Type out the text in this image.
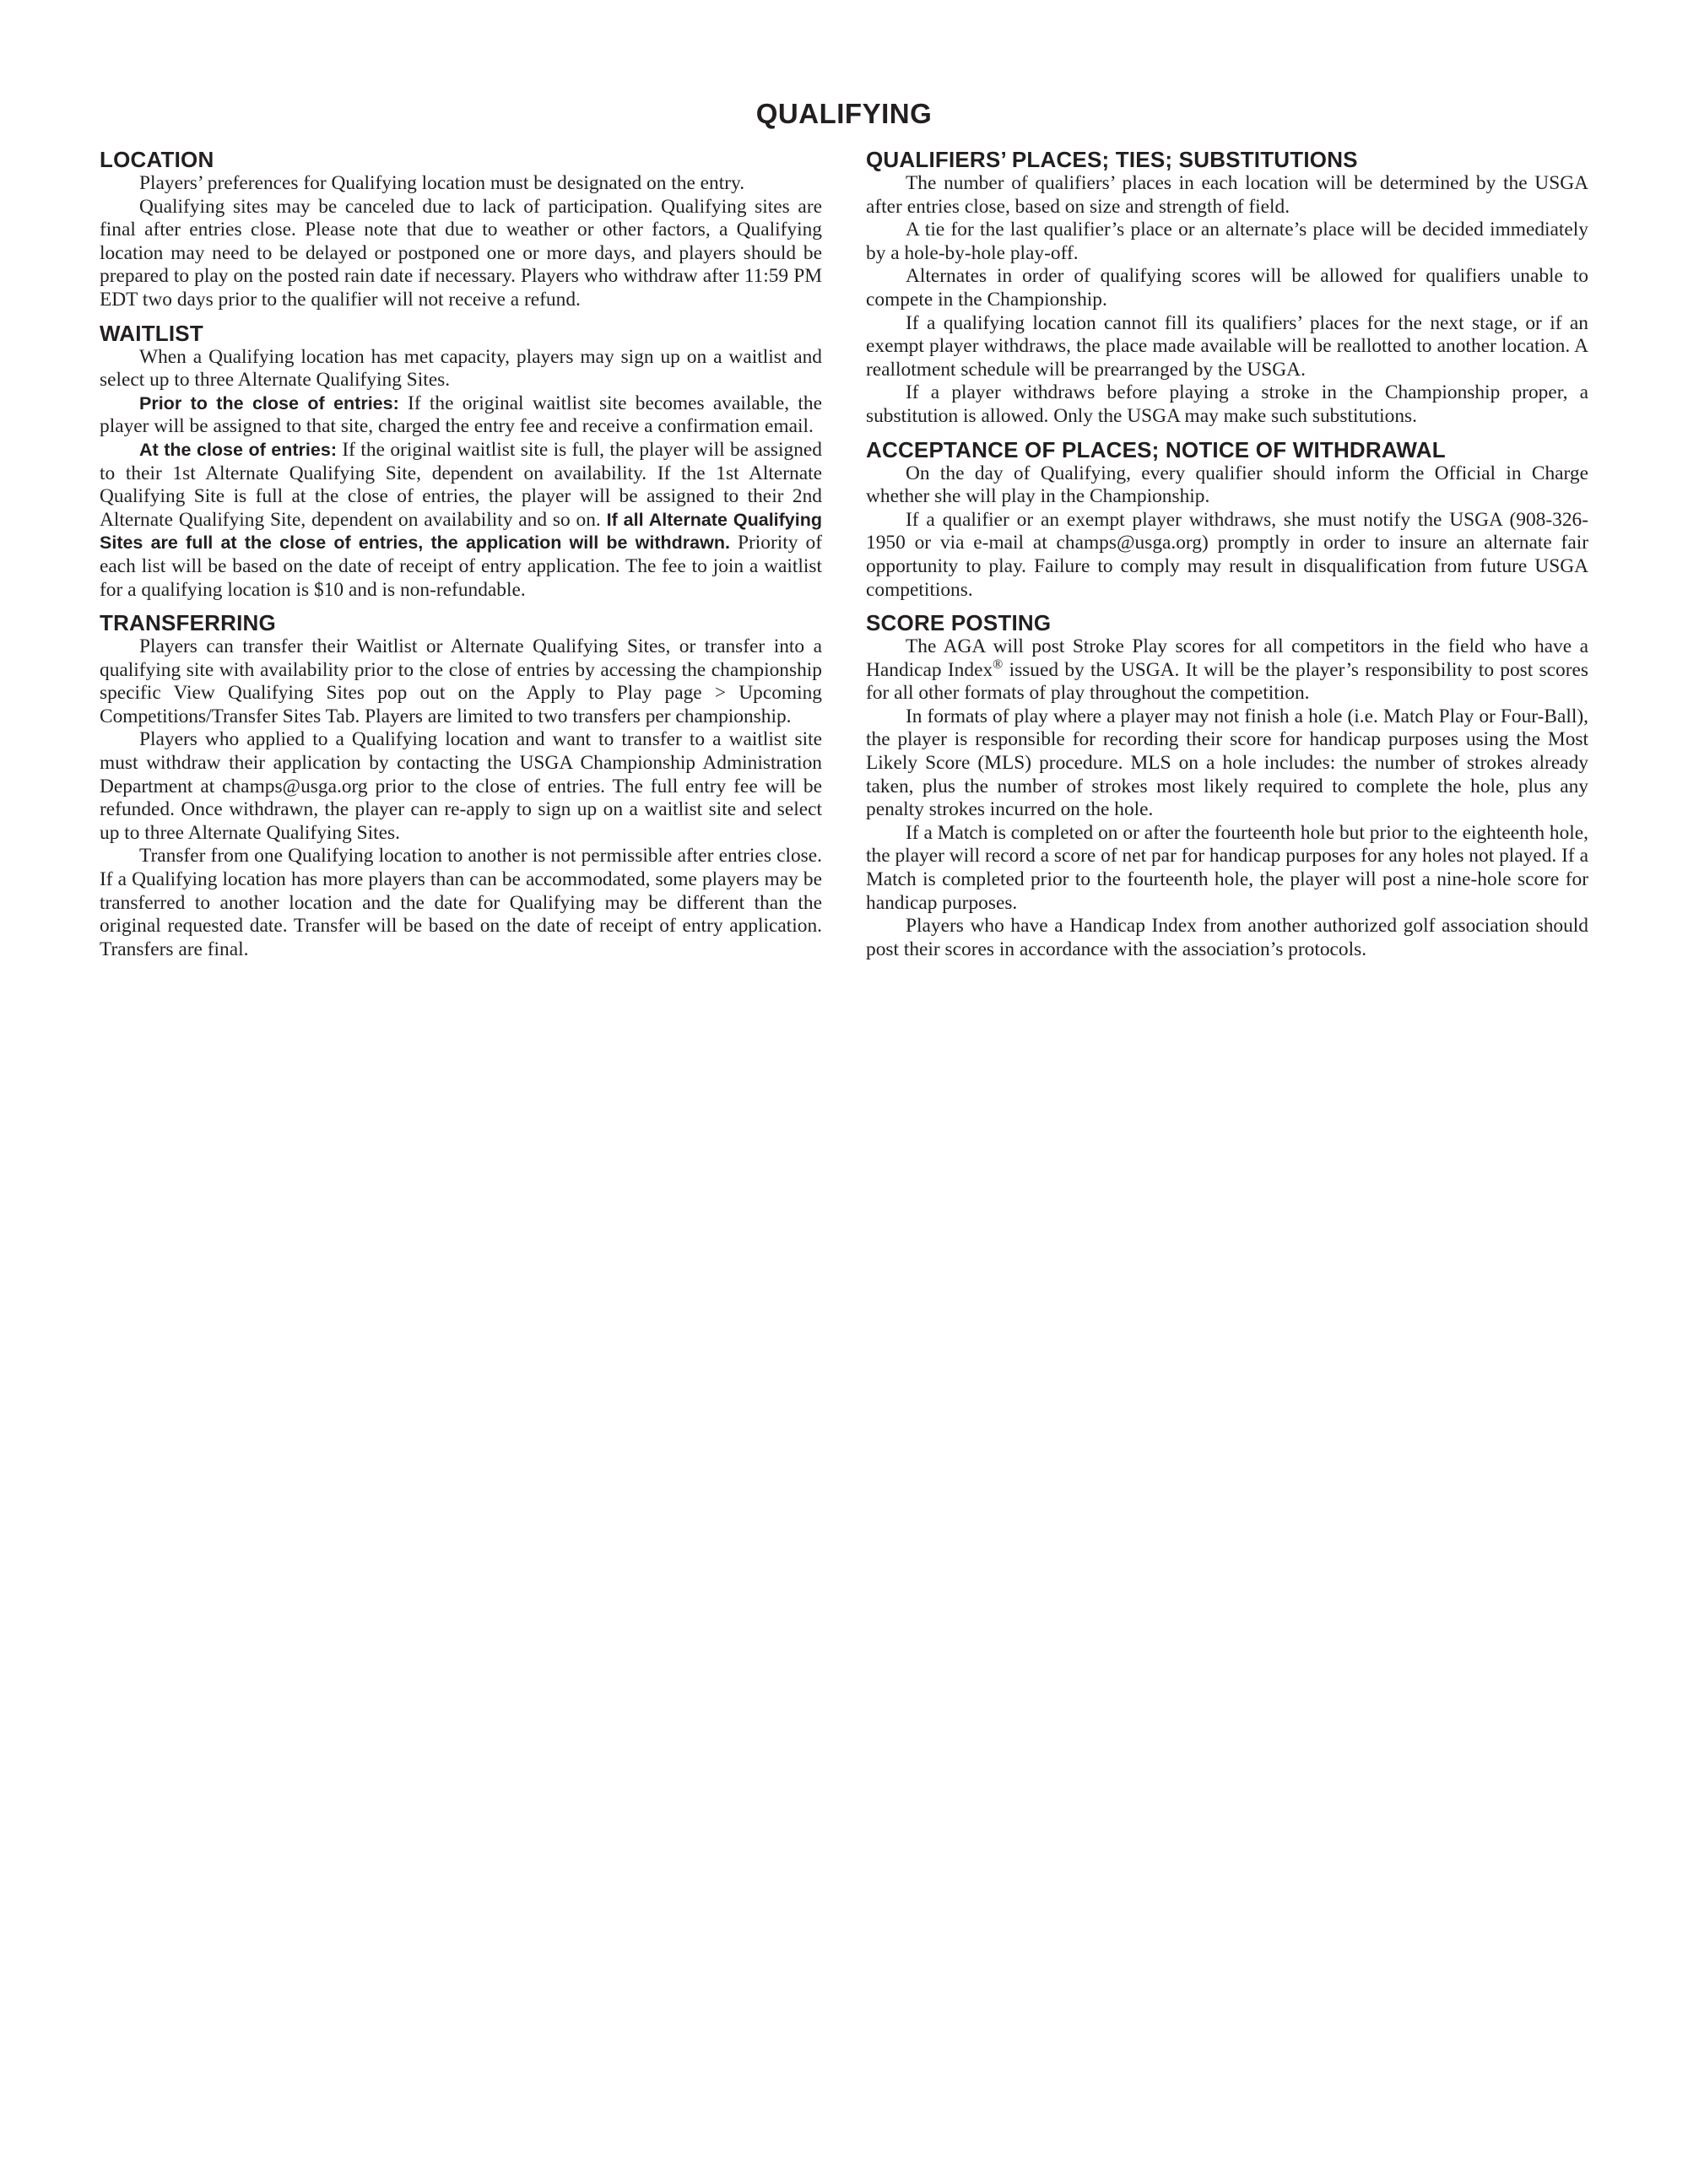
QUALIFYING
LOCATION

Players’ preferences for Qualifying location must be designated on the entry.

Qualifying sites may be canceled due to lack of participation. Qualifying sites are final after entries close. Please note that due to weather or other factors, a Qualifying location may need to be delayed or postponed one or more days, and players should be prepared to play on the posted rain date if necessary. Players who withdraw after 11:59 PM EDT two days prior to the qualifier will not receive a refund.

WAITLIST

When a Qualifying location has met capacity, players may sign up on a waitlist and select up to three Alternate Qualifying Sites.

Prior to the close of entries: If the original waitlist site becomes available, the player will be assigned to that site, charged the entry fee and receive a confirmation email.

At the close of entries: If the original waitlist site is full, the player will be assigned to their 1st Alternate Qualifying Site, dependent on availability. If the 1st Alternate Qualifying Site is full at the close of entries, the player will be assigned to their 2nd Alternate Qualifying Site, dependent on availability and so on. If all Alternate Qualifying Sites are full at the close of entries, the application will be withdrawn. Priority of each list will be based on the date of receipt of entry application. The fee to join a waitlist for a qualifying location is $10 and is non-refundable.

TRANSFERRING

Players can transfer their Waitlist or Alternate Qualifying Sites, or transfer into a qualifying site with availability prior to the close of entries by accessing the championship specific View Qualifying Sites pop out on the Apply to Play page > Upcoming Competitions/Transfer Sites Tab. Players are limited to two transfers per championship.

Players who applied to a Qualifying location and want to transfer to a waitlist site must withdraw their application by contacting the USGA Championship Administration Department at champs@usga.org prior to the close of entries. The full entry fee will be refunded. Once withdrawn, the player can re-apply to sign up on a waitlist site and select up to three Alternate Qualifying Sites.

Transfer from one Qualifying location to another is not permissible after entries close. If a Qualifying location has more players than can be accommodated, some players may be transferred to another location and the date for Qualifying may be different than the original requested date. Transfer will be based on the date of receipt of entry application. Transfers are final.

QUALIFIERS’ PLACES; TIES; SUBSTITUTIONS

The number of qualifiers’ places in each location will be determined by the USGA after entries close, based on size and strength of field.

A tie for the last qualifier’s place or an alternate’s place will be decided immediately by a hole-by-hole play-off.

Alternates in order of qualifying scores will be allowed for qualifiers unable to compete in the Championship.

If a qualifying location cannot fill its qualifiers’ places for the next stage, or if an exempt player withdraws, the place made available will be reallotted to another location. A reallotment schedule will be prearranged by the USGA.

If a player withdraws before playing a stroke in the Championship proper, a substitution is allowed. Only the USGA may make such substitutions.

ACCEPTANCE OF PLACES; NOTICE OF WITHDRAWAL

On the day of Qualifying, every qualifier should inform the Official in Charge whether she will play in the Championship.

If a qualifier or an exempt player withdraws, she must notify the USGA (908-326-1950 or via e-mail at champs@usga.org) promptly in order to insure an alternate fair opportunity to play. Failure to comply may result in disqualification from future USGA competitions.

SCORE POSTING

The AGA will post Stroke Play scores for all competitors in the field who have a Handicap Index® issued by the USGA. It will be the player’s responsibility to post scores for all other formats of play throughout the competition.

In formats of play where a player may not finish a hole (i.e. Match Play or Four-Ball), the player is responsible for recording their score for handicap purposes using the Most Likely Score (MLS) procedure. MLS on a hole includes: the number of strokes already taken, plus the number of strokes most likely required to complete the hole, plus any penalty strokes incurred on the hole.

If a Match is completed on or after the fourteenth hole but prior to the eighteenth hole, the player will record a score of net par for handicap purposes for any holes not played. If a Match is completed prior to the fourteenth hole, the player will post a nine-hole score for handicap purposes.

Players who have a Handicap Index from another authorized golf association should post their scores in accordance with the association’s protocols.
